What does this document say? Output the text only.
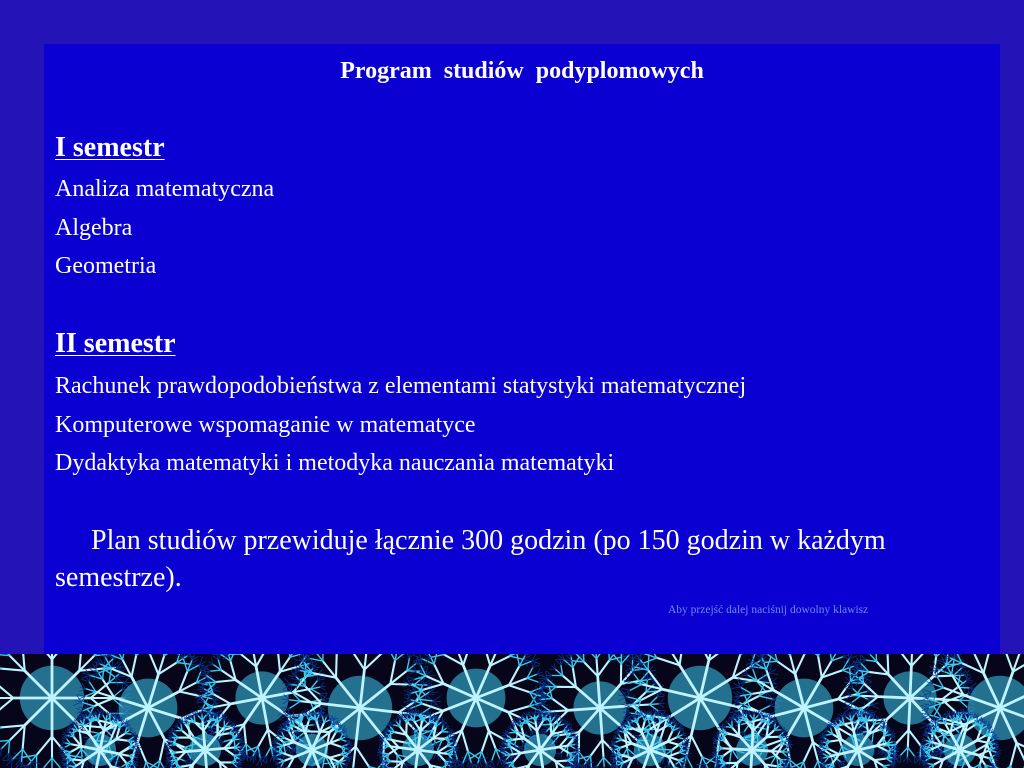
Program studiów podyplomowych
I semestr
Analiza matematyczna
Algebra
Geometria
II semestr
Rachunek prawdopodobieństwa z elementami statystyki matematycznej
Komputerowe wspomaganie w matematyce
Dydaktyka matematyki i metodyka nauczania matematyki

Plan studiów przewiduje łącznie 300 godzin (po 150 godzin w każdym semestrze).

Aby przejść dalej naciśnij dowolny klawisz
